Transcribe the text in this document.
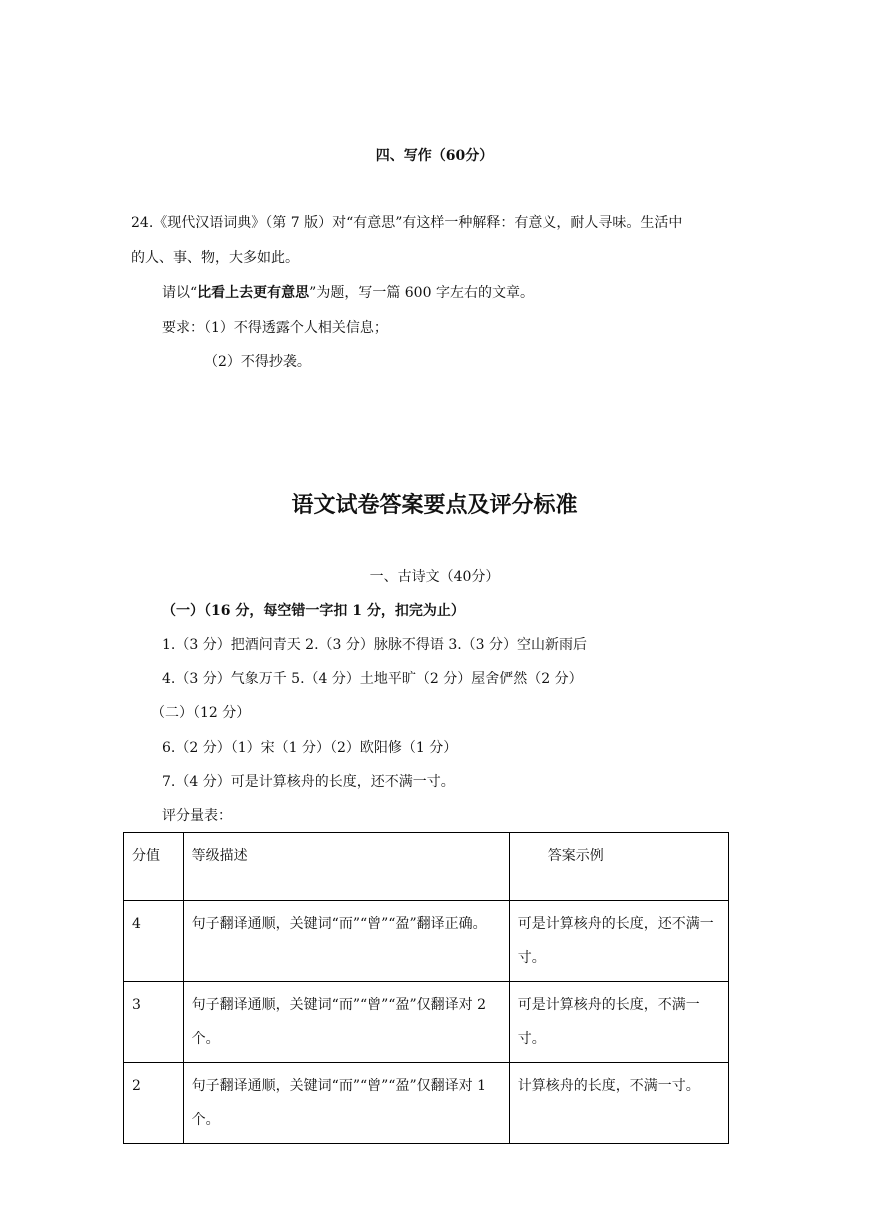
四、写作（60分）
24.《现代汉语词典》（第 7 版）对“有意思”有这样一种解释：有意义，耐人寻味。生活中
的人、事、物，大多如此。
请以“比看上去更有意思”为题，写一篇 600 字左右的文章。
要求：（1）不得透露个人相关信息；
（2）不得抄袭。
语文试卷答案要点及评分标准
一、古诗文（40分）
（一）（16 分，每空错一字扣 1 分，扣完为止）
1.（3 分）把酒问青天 2.（3 分）脉脉不得语 3.（3 分）空山新雨后
4.（3 分）气象万千 5.（4 分）土地平旷（2 分）屋舍俨然（2 分）
（二）（12 分）
6.（2 分）（1）宋（1 分）（2）欧阳修（1 分）
7.（4 分）可是计算核舟的长度，还不满一寸。
评分量表：
分值	等级描述	答案示例
4	句子翻译通顺，关键词“而”“曾”“盈”翻译正确。	可是计算核舟的长度，还不满一寸。
3	句子翻译通顺，关键词“而”“曾”“盈”仅翻译对 2 个。	可是计算核舟的长度，不满一寸。
2	句子翻译通顺，关键词“而”“曾”“盈”仅翻译对 1 个。	计算核舟的长度，不满一寸。
